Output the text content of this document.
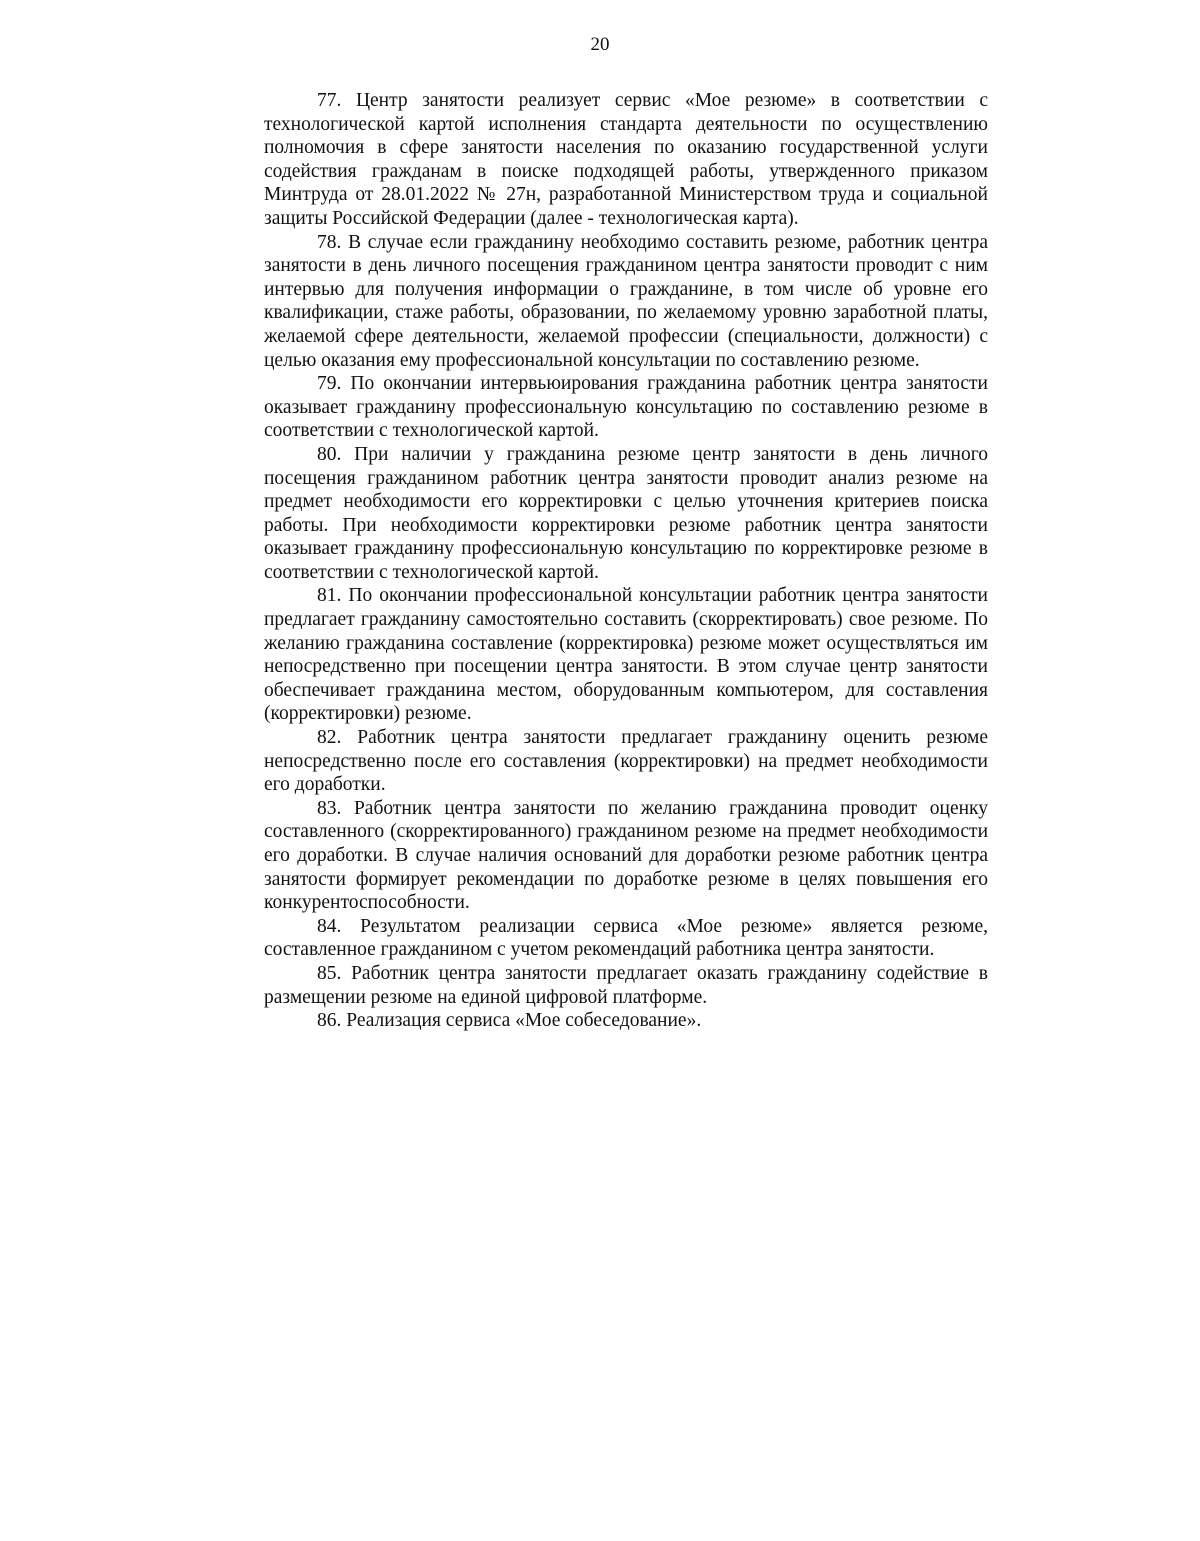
20

77. Центр занятости реализует сервис «Мое резюме» в соответствии с технологической картой исполнения стандарта деятельности по осуществлению полномочия в сфере занятости населения по оказанию государственной услуги содействия гражданам в поиске подходящей работы, утвержденного приказом Минтруда от 28.01.2022 № 27н, разработанной Министерством труда и социальной защиты Российской Федерации (далее - технологическая карта).

78. В случае если гражданину необходимо составить резюме, работник центра занятости в день личного посещения гражданином центра занятости проводит с ним интервью для получения информации о гражданине, в том числе об уровне его квалификации, стаже работы, образовании, по желаемому уровню заработной платы, желаемой сфере деятельности, желаемой профессии (специальности, должности) с целью оказания ему профессиональной консультации по составлению резюме.

79. По окончании интервьюирования гражданина работник центра занятости оказывает гражданину профессиональную консультацию по составлению резюме в соответствии с технологической картой.

80. При наличии у гражданина резюме центр занятости в день личного посещения гражданином работник центра занятости проводит анализ резюме на предмет необходимости его корректировки с целью уточнения критериев поиска работы. При необходимости корректировки резюме работник центра занятости оказывает гражданину профессиональную консультацию по корректировке резюме в соответствии с технологической картой.

81. По окончании профессиональной консультации работник центра занятости предлагает гражданину самостоятельно составить (скорректировать) свое резюме. По желанию гражданина составление (корректировка) резюме может осуществляться им непосредственно при посещении центра занятости. В этом случае центр занятости обеспечивает гражданина местом, оборудованным компьютером, для составления (корректировки) резюме.

82. Работник центра занятости предлагает гражданину оценить резюме непосредственно после его составления (корректировки) на предмет необходимости его доработки.

83. Работник центра занятости по желанию гражданина проводит оценку составленного (скорректированного) гражданином резюме на предмет необходимости его доработки. В случае наличия оснований для доработки резюме работник центра занятости формирует рекомендации по доработке резюме в целях повышения его конкурентоспособности.

84. Результатом реализации сервиса «Мое резюме» является резюме, составленное гражданином с учетом рекомендаций работника центра занятости.

85. Работник центра занятости предлагает оказать гражданину содействие в размещении резюме на единой цифровой платформе.

86. Реализация сервиса «Мое собеседование».
